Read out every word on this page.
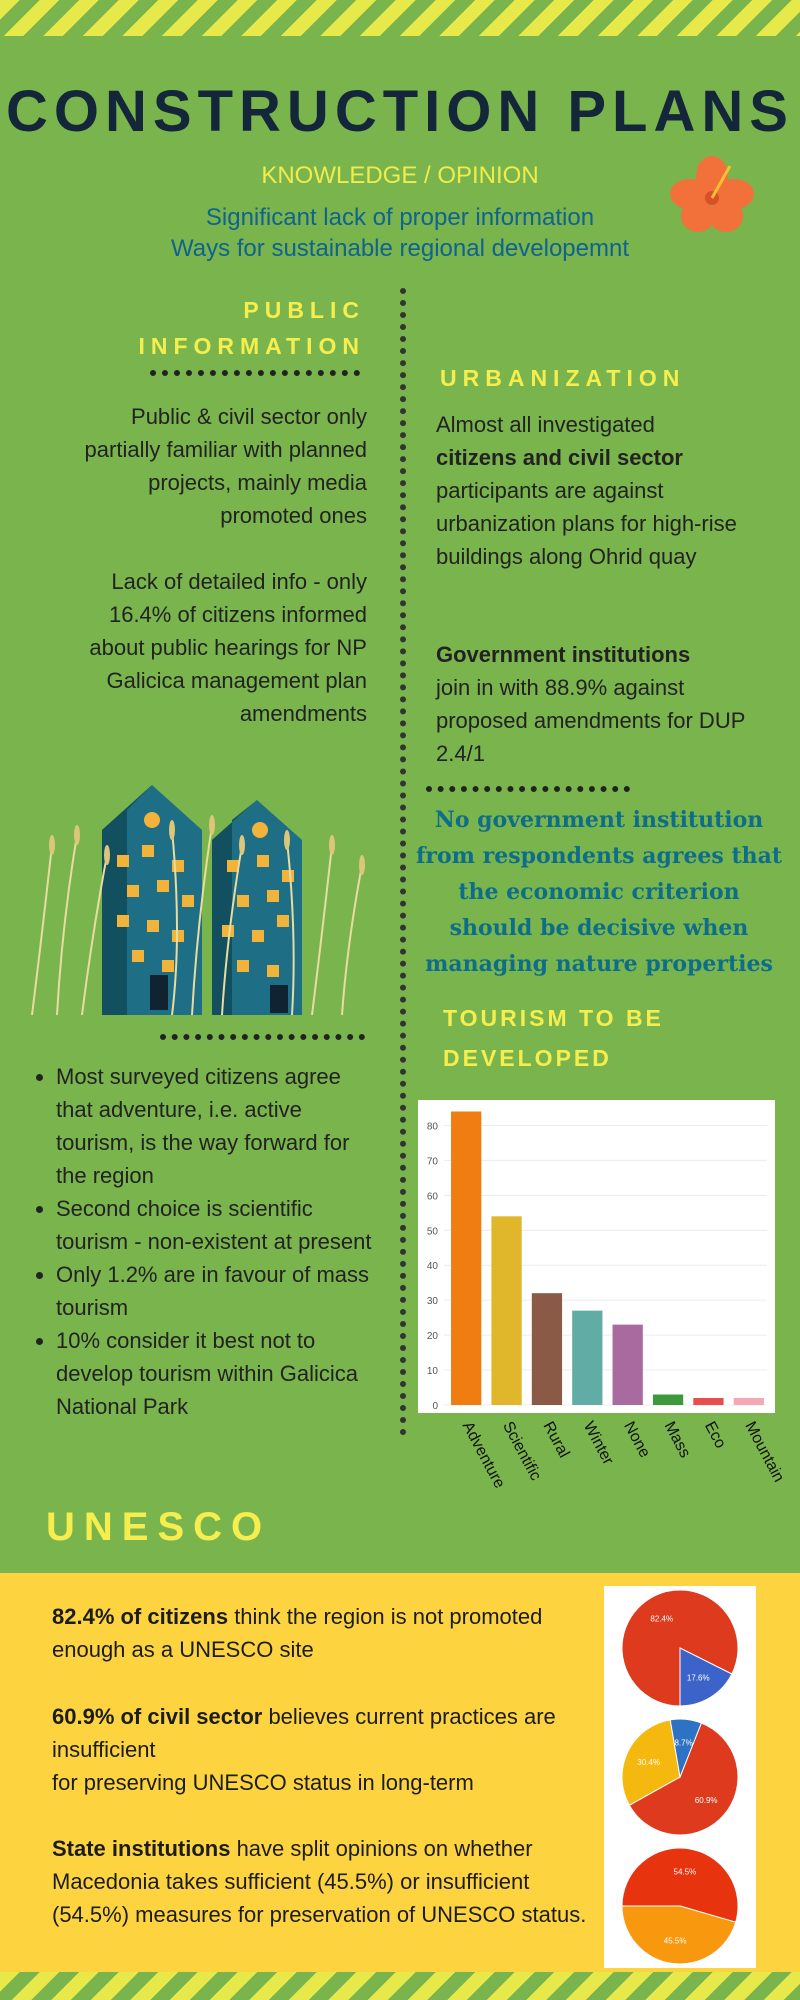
CONSTRUCTION PLANS
KNOWLEDGE / OPINION
Significant lack of proper information
Ways for sustainable regional developemnt
PUBLIC
INFORMATION
Public & civil sector only partially familiar with planned projects, mainly media promoted ones
Lack of detailed info - only 16.4% of citizens informed about public hearings for NP Galicica management plan amendments
URBANIZATION
Almost all investigated
citizens and civil sector
participants are against urbanization plans for high-rise buildings along Ohrid quay
Government institutions
join in with 88.9% against proposed amendments for DUP 2.4/1
No government institution from respondents agrees that the economic criterion should be decisive when managing nature properties
TOURISM TO BE
DEVELOPED
• Most surveyed citizens agree that adventure, i.e. active tourism, is the way forward for the region
• Second choice is scientific tourism - non-existent at present
• Only 1.2% are in favour of mass tourism
• 10% consider it best not to develop tourism within Galicica National Park	0
10
20
30
40
50
60
70
80
Adventure
Scientific
Rural Winter None Mass Eco Mountain
UNESCO
82.4% of citizens think the region is not promoted enough as a UNESCO site
60.9% of civil sector believes current practices are insufficient
for preserving UNESCO status in long-term
State institutions have split opinions on whether Macedonia takes sufficient (45.5%) or insufficient (54.5%) measures for preservation of UNESCO status.
82.4%
17.6%
60.9%
30.4%
8.7%
54.5%
45.5%
